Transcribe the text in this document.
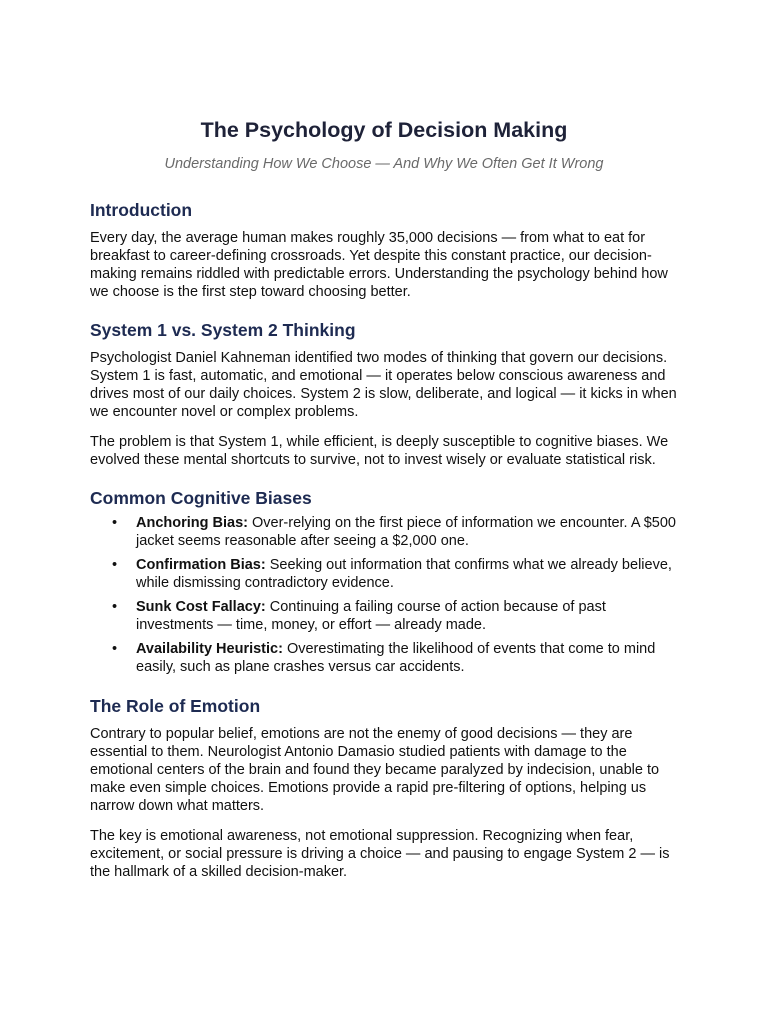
The Psychology of Decision Making

Understanding How We Choose — And Why We Often Get It Wrong

Introduction

Every day, the average human makes roughly 35,000 decisions — from what to eat for breakfast to career-defining crossroads. Yet despite this constant practice, our decision-making remains riddled with predictable errors. Understanding the psychology behind how we choose is the first step toward choosing better.

System 1 vs. System 2 Thinking

Psychologist Daniel Kahneman identified two modes of thinking that govern our decisions. System 1 is fast, automatic, and emotional — it operates below conscious awareness and drives most of our daily choices. System 2 is slow, deliberate, and logical — it kicks in when we encounter novel or complex problems.

The problem is that System 1, while efficient, is deeply susceptible to cognitive biases. We evolved these mental shortcuts to survive, not to invest wisely or evaluate statistical risk.

Common Cognitive Biases
• Anchoring Bias: Over-relying on the first piece of information we encounter. A $500 jacket seems reasonable after seeing a $2,000 one.
• Confirmation Bias: Seeking out information that confirms what we already believe, while dismissing contradictory evidence.
• Sunk Cost Fallacy: Continuing a failing course of action because of past investments — time, money, or effort — already made.
• Availability Heuristic: Overestimating the likelihood of events that come to mind easily, such as plane crashes versus car accidents.
The Role of Emotion

Contrary to popular belief, emotions are not the enemy of good decisions — they are essential to them. Neurologist Antonio Damasio studied patients with damage to the emotional centers of the brain and found they became paralyzed by indecision, unable to make even simple choices. Emotions provide a rapid pre-filtering of options, helping us narrow down what matters.

The key is emotional awareness, not emotional suppression. Recognizing when fear, excitement, or social pressure is driving a choice — and pausing to engage System 2 — is the hallmark of a skilled decision-maker.
